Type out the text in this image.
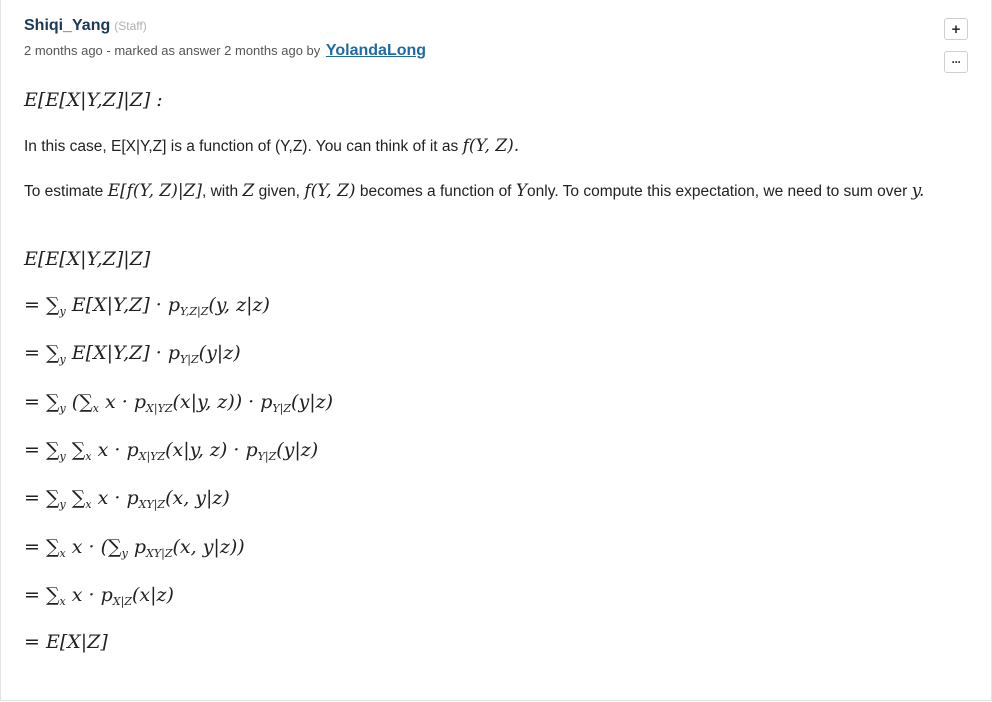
Shiqi_Yang (Staff)
2 months ago - marked as answer 2 months ago by YolandaLong
+
···
E[E[X|Y,Z]|Z] :
In this case, E[X|Y,Z] is a function of (Y,Z). You can think of it as f(Y, Z).
To estimate E[f(Y, Z)|Z], with Z given, f(Y, Z) becomes a function of Yonly. To compute this expectation, we need to sum over y.
E[E[X|Y,Z]|Z]
= $\sum_y$ $E[X|Y,Z] \cdot p_{Y,Z|Z}(y$, z|z)
= $\sum_y$ $E[X|Y,Z] \cdot p_{Y|Z}(y|z)$
= $\sum_y$ ($\sum_x$ $x \cdot p_{X|YZ}(x|y$, $z)) \cdot p_{Y|Z}(y|z)$
= $\sum_y$ $\sum_x$ $x \cdot p_{X|YZ}(x|y$, $z) \cdot p_{Y|Z}(y|z)$
= $\sum_y$ $\sum_x$ $x \cdot p_{XY|Z}(x$, y|z)
= $\sum_x$ $x \cdot (\sum_y$ $p_{XY|Z}(x$, y|z))
= $\sum_x$ $x \cdot p_{X|Z}(x|z)$
= E[X|Z]
